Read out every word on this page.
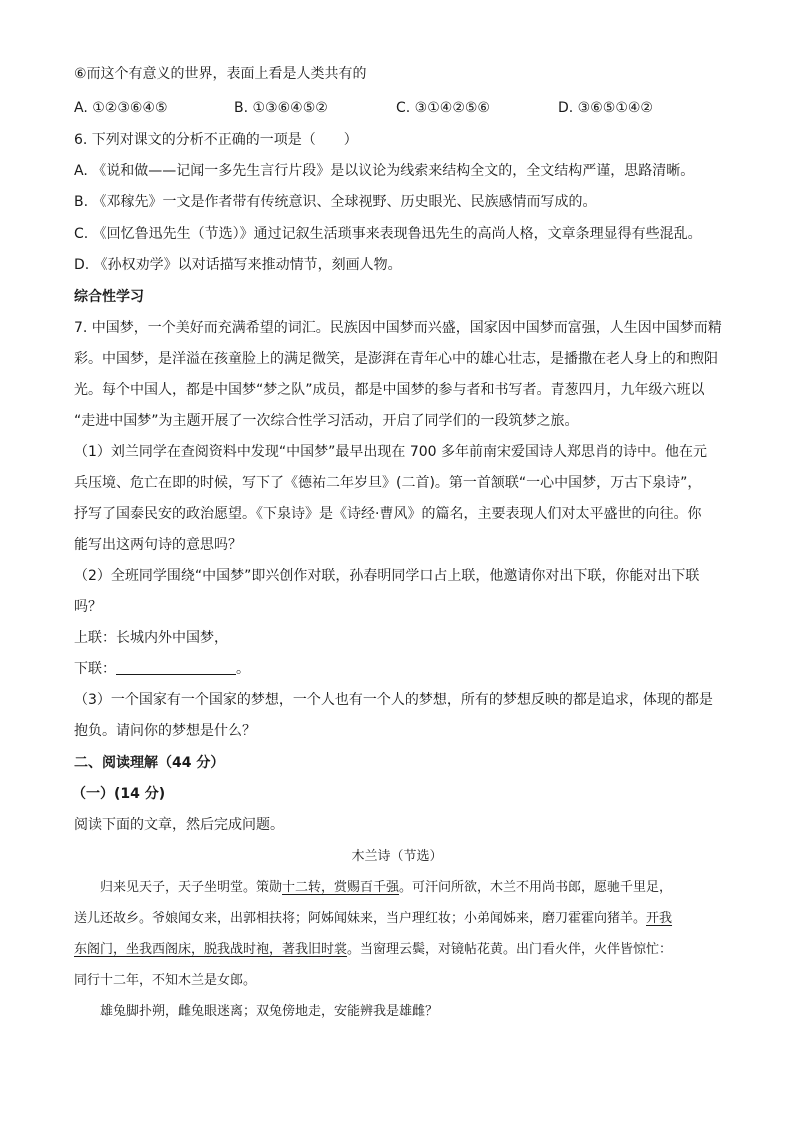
⑥而这个有意义的世界，表面上看是人类共有的
A. ①②③⑥④⑤	B. ①③⑥④⑤②	C. ③①④②⑤⑥	D. ③⑥⑤①④②
6. 下列对课文的分析不正确的一项是（　　）
A. 《说和做——记闻一多先生言行片段》是以议论为线索来结构全文的，全文结构严谨，思路清晰。
B. 《邓稼先》一文是作者带有传统意识、全球视野、历史眼光、民族感情而写成的。
C. 《回忆鲁迅先生（节选）》通过记叙生活琐事来表现鲁迅先生的高尚人格，文章条理显得有些混乱。
D. 《孙权劝学》以对话描写来推动情节，刻画人物。
综合性学习
7. 中国梦，一个美好而充满希望的词汇。民族因中国梦而兴盛，国家因中国梦而富强，人生因中国梦而精
彩。中国梦，是洋溢在孩童脸上的满足微笑，是澎湃在青年心中的雄心壮志，是播撒在老人身上的和煦阳
光。每个中国人，都是中国梦“梦之队”成员，都是中国梦的参与者和书写者。青葱四月，九年级六班以
“走进中国梦”为主题开展了一次综合性学习活动，开启了同学们的一段筑梦之旅。
（1）刘兰同学在查阅资料中发现“中国梦”最早出现在 700 多年前南宋爱国诗人郑思肖的诗中。他在元
兵压境、危亡在即的时候，写下了《德祐二年岁旦》(二首)。第一首颔联“一心中国梦，万古下泉诗”，
抒写了国泰民安的政治愿望。《下泉诗》是《诗经·曹风》的篇名，主要表现人们对太平盛世的向往。你
能写出这两句诗的意思吗？
（2）全班同学围绕“中国梦”即兴创作对联，孙春明同学口占上联，他邀请你对出下联，你能对出下联
吗？
上联：长城内外中国梦，
下联：	。
（3）一个国家有一个国家的梦想，一个人也有一个人的梦想，所有的梦想反映的都是追求，体现的都是
抱负。请问你的梦想是什么？
二、阅读理解（44 分）
（一）(14 分)
阅读下面的文章，然后完成问题。
木兰诗（节选）
归来见天子，天子坐明堂。策勋十二转，赏赐百千强。可汗问所欲，木兰不用尚书郎，愿驰千里足，
送儿还故乡。爷娘闻女来，出郭相扶将；阿姊闻妹来，当户理红妆；小弟闻姊来，磨刀霍霍向猪羊。开我
东阁门，坐我西阁床，脱我战时袍，著我旧时裳。当窗理云鬓，对镜帖花黄。出门看火伴，火伴皆惊忙：
同行十二年，不知木兰是女郎。
雄兔脚扑朔，雌兔眼迷离；双兔傍地走，安能辨我是雄雌？
